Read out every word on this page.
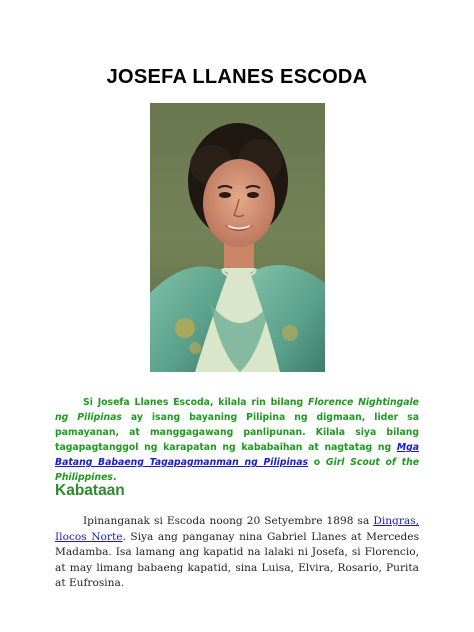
JOSEFA LLANES ESCODA

Si Josefa Llanes Escoda, kilala rin bilang Florence Nightingale ng Pilipinas ay isang bayaning Pilipina ng digmaan, lider sa pamayanan, at manggagawang panlipunan. Kilala siya bilang tagapagtanggol ng karapatan ng kababaihan at nagtatag ng Mga Batang Babaeng Tagapagmanman ng Pilipinas o Girl Scout of the Philippines.

Kabataan

Ipinanganak si Escoda noong 20 Setyembre 1898 sa Dingras, Ilocos Norte. Siya ang panganay nina Gabriel Llanes at Mercedes Madamba. Isa lamang ang kapatid na lalaki ni Josefa, si Florencio, at may limang babaeng kapatid, sina Luisa, Elvira, Rosario, Purita at Eufrosina.
